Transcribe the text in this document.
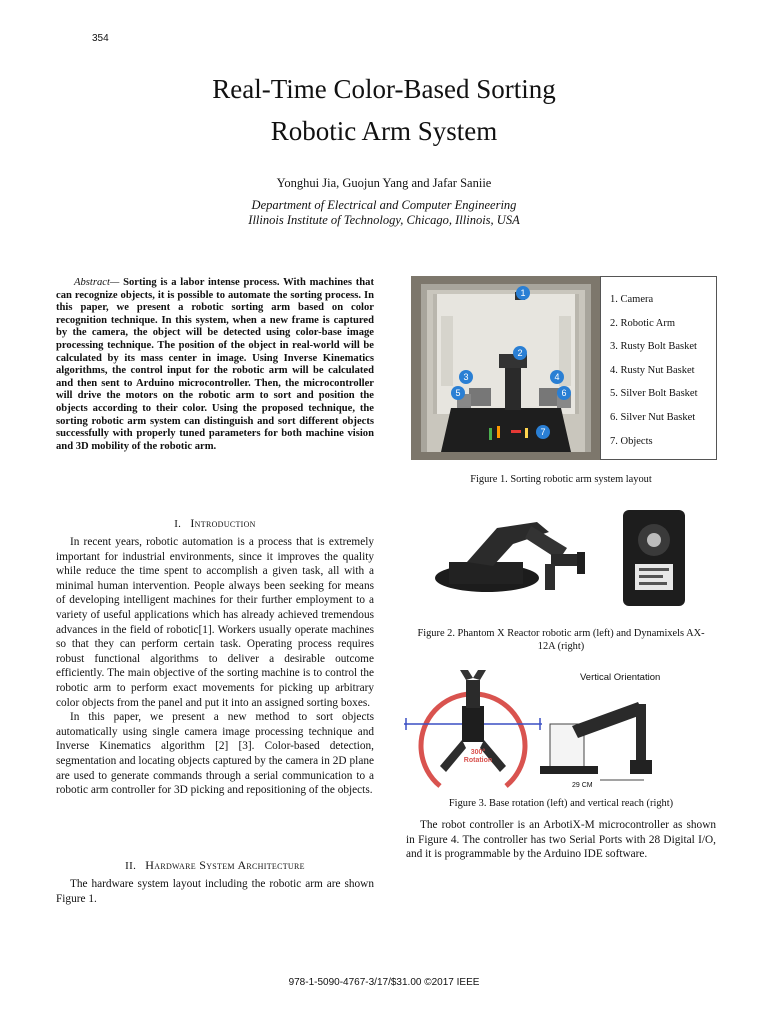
354
Real-Time Color-Based Sorting
Robotic Arm System
Yonghui Jia, Guojun Yang and Jafar Saniie
Department of Electrical and Computer Engineering
Illinois Institute of Technology, Chicago, Illinois, USA
Abstract— Sorting is a labor intense process. With machines that can recognize objects, it is possible to automate the sorting process. In this paper, we present a robotic sorting arm based on color recognition technique. In this system, when a new frame is captured by the camera, the object will be detected using color-base image processing technique. The position of the object in real-world will be calculated by its mass center in image. Using Inverse Kinematics algorithms, the control input for the robotic arm will be calculated and then sent to Arduino microcontroller. Then, the microcontroller will drive the motors on the robotic arm to sort and position the objects according to their color. Using the proposed technique, the sorting robotic arm system can distinguish and sort different objects successfully with properly tuned parameters for both machine vision and 3D mobility of the robotic arm.
I. Introduction

In recent years, robotic automation is a process that is extremely important for industrial environments, since it improves the quality while reduce the time spent to accomplish a given task, all with a minimal human intervention. People always been seeking for means of developing intelligent machines for their further employment to a variety of useful applications which has already achieved tremendous advances in the field of robotic[1]. Workers usually operate machines so that they can perform certain task. Operating process requires robust functional algorithms to deliver a desirable outcome efficiently. The main objective of the sorting machine is to control the robotic arm to perform exact movements for picking up arbitrary color objects from the panel and put it into an assigned sorting boxes.

In this paper, we present a new method to sort objects automatically using single camera image processing technique and Inverse Kinematics algorithm [2] [3]. Color-based detection, segmentation and locating objects captured by the camera in 2D plane are used to generate commands through a serial communication to a robotic arm controller for 3D picking and repositioning of the objects.

II. Hardware System Architecture

The hardware system layout including the robotic arm are shown Figure 1.

1
2
3	4
5	6
7
1. Camera
2. Robotic Arm
3. Rusty Bolt Basket
4. Rusty Nut Basket
5. Silver Bolt Basket
6. Silver Nut Basket
7. Objects
Figure 1. Sorting robotic arm system layout
Figure 2. Phantom X Reactor robotic arm (left) and Dynamixels AX-
12A (right)
300°
Rotation
Vertical Orientation
29 CM
Figure 3. Base rotation (left) and vertical reach (right)

The robot controller is an ArbotiX-M microcontroller as shown in Figure 4. The controller has two Serial Ports with 28 Digital I/O, and it is programmable by the Arduino IDE software.

978-1-5090-4767-3/17/$31.00 ©2017 IEEE
